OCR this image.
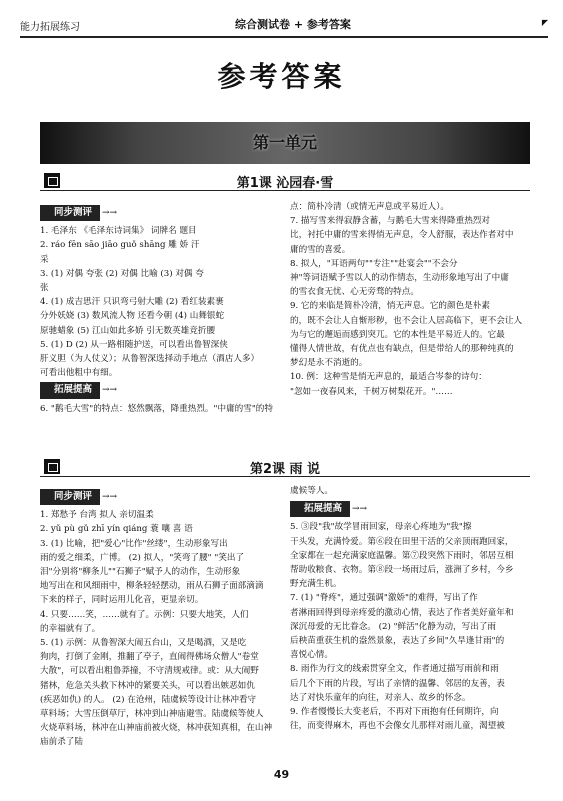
能力拓展练习	综合测试卷 + 参考答案	◤
参考答案
第一单元
第1课 沁园春·雪
同步测评 →→

1. 毛泽东 《毛泽东诗词集》 词牌名 题目

2. ráo fēn sāo jiāo guǒ shāng 雕 娇 汗

采

3. (1) 对偶 夸张 (2) 对偶 比喻 (3) 对偶 夸

张

4. (1) 成吉思汗 只识弯弓射大雕 (2) 看红装素裹

分外妖娆 (3) 数风流人物 还看今朝 (4) 山舞银蛇

原驰蜡象 (5) 江山如此多娇 引无数英雄竞折腰

5. (1) D (2) 从一路相随护送，可以看出鲁智深侠

肝义胆（为人仗义）；从鲁智深选择动手地点（酒店人多）

可看出他粗中有细。

拓展提高 →→

6. "鹅毛大雪"的特点：悠然飘落，降重热烈。"中庸的雪"的特

点：简朴冷清（或情无声息或平易近人）。

7. 描写雪来得寂静含蓄，与鹅毛大雪来得降重热烈对

比，衬托中庸的雪来得悄无声息，令人舒服，表达作者对中

庸的雪的喜爱。

8. 拟人，"耳语两句""专注""赴宴会""不会分

神"等词语赋予雪以人的动作情态，生动形象地写出了中庸

的雪衣食无忧、心无旁骛的特点。

9. 它的来临是简朴冷清，悄无声息。它的颜色是朴素

的，既不会让人自惭形秽，也不会让人居高临下，更不会让人

为与它的邂逅而感到突兀。它的本性是平易近人的。它最

懂得人情世故，有优点也有缺点，但是带给人的那种纯真的

梦幻是永不消逝的。

10. 例：这种雪是悄无声息的，最适合岑参的诗句：

"忽如一夜春风来，千树万树梨花开。"……

第2课 雨 说
同步测评 →→

1. 郑愁予 台湾 拟人 亲切温柔

2. yǔ pù gǔ zhī yín qiáng 蓑 嚷 喜 语

3. (1) 比喻，把"爱心"比作"丝缕"，生动形象写出

雨的爱之细柔，广博。 (2) 拟人，"笑弯了腰" "笑出了

泪"分别将"柳条儿""石狮子"赋予人的动作，生动形象

地写出在和风细雨中，柳条轻轻摆动，雨从石狮子面部滴滴

下来的样子，同时运用儿化音，更显亲切。

4. 只要……笑，……就有了。示例：只要大地笑，人们

的幸福就有了。

5. (1) 示例：从鲁智深大闹五台山，又是喝酒，又是吃

狗肉，打倒了金刚，推翻了亭子，直闹得佛场众僧人"卷堂

大散"，可以看出粗鲁莽撞，不守清规戒律。或：从大闹野

猪林，危急关头救下林冲的紧要关头，可以看出嫉恶如仇

(疾恶如仇) 的人。 (2) 在沧州，陆虞候等设计让林冲看守

草料场；大雪压倒草厅，林冲到山神庙避雪。陆虞候等使人

火烧草料场，林冲在山神庙前被火烧，林冲获知真相，在山神庙前杀了陆

虞候等人。

拓展提高 →→

5. ③段"我"故学冒雨回家，母亲心疼地为"我"擦

干头发，充满怜爱。第⑥段在田里干活的父亲顶雨跑回家，

全家都在一起充满家庭温馨。第⑦段突然下雨时，邻居互相

帮助收粮食、衣物。第⑧段一场雨过后，涨洲了乡村，今乡

野充满生机。

7. (1) "脊疼"，通过强调"激娇"的难得，写出了作

者淋雨回得到母亲疼爱的激动心情，表达了作者美好童年和

深沉母爱的无比眷念。 (2) "鲜活"化静为动，写出了雨

后秧苗重获生机的盎然景象，表达了乡间"久旱逢甘雨"的

喜悦心情。

8. 雨作为行文的线索贯穿全文，作者通过描写雨前和雨

后几个下雨的片段，写出了亲情的温馨、邻居的友善，表

达了对快乐童年的向往，对亲人、故乡的怀念。

9. 作者慢慢长大变老后，不再对下雨抱有任何期许，向

往，而变得麻木，再也不会像女儿那样对雨儿童，渴望被

49
